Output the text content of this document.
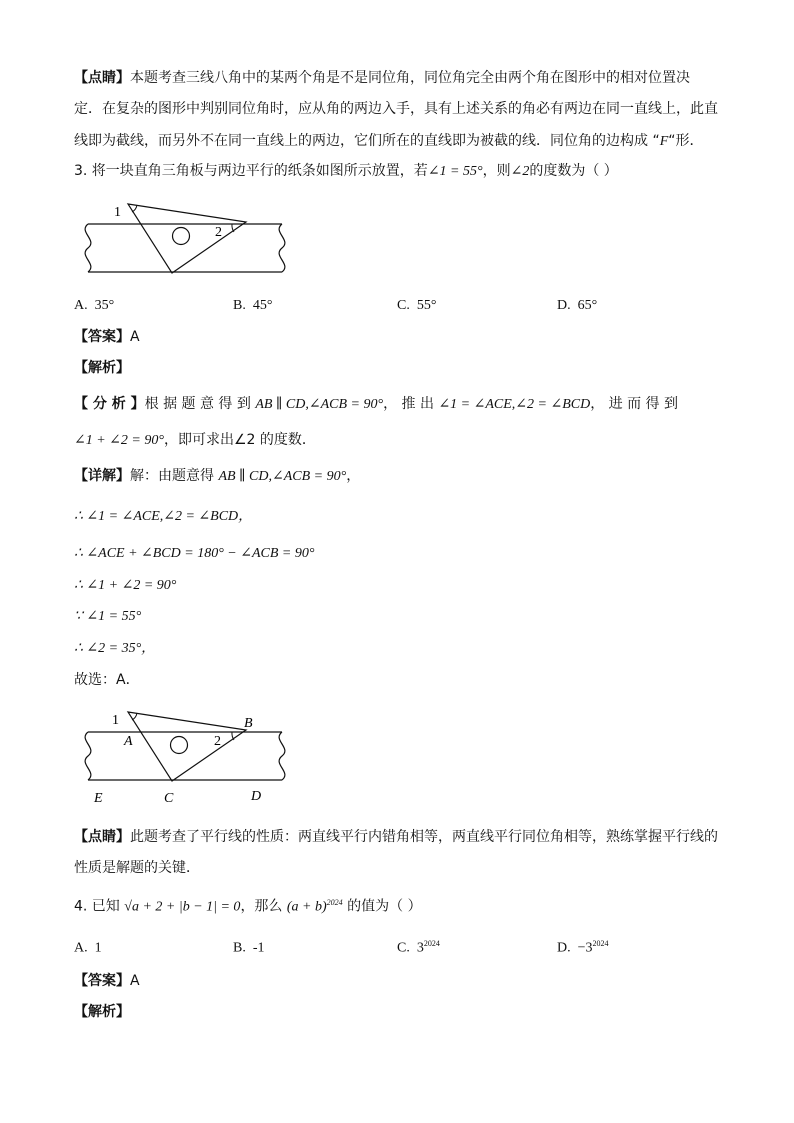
【点睛】本题考查三线八角中的某两个角是不是同位角，同位角完全由两个角在图形中的相对位置决
定．在复杂的图形中判别同位角时，应从角的两边入手，具有上述关系的角必有两边在同一直线上，此直
线即为截线，而另外不在同一直线上的两边，它们所在的直线即为被截的线．同位角的边构成 “F“形．
3. 将一块直角三角板与两边平行的纸条如图所示放置，若∠1 = 55°，则∠2的度数为（ ）
1
2
A. 35°	B. 45°	C. 55°	D. 65°
【答案】A
【解析】
【 分 析 】根 据 题 意 得 到 AB ∥ CD,∠ACB = 90°， 推 出 ∠1 = ∠ACE,∠2 = ∠BCD， 进 而 得 到
∠1 + ∠2 = 90°，即可求出∠2 的度数．
【详解】解：由题意得 AB ∥ CD,∠ACB = 90°，
∴ ∠1 = ∠ACE,∠2 = ∠BCD，
∴ ∠ACE + ∠BCD = 180° − ∠ACB = 90°
∴ ∠1 + ∠2 = 90°
∵ ∠1 = 55°
∴ ∠2 = 35°，
故选：A．
1
2
A
B
C	D
E
【点睛】此题考查了平行线的性质：两直线平行内错角相等，两直线平行同位角相等，熟练掌握平行线的
性质是解题的关键．
4. 已知 √a + 2 + |b − 1| = 0，那么 $(a + b)^{2024}$ 的值为（ ）
A. 1	B. -1	C. $3^{2024}$	D. $-3^{2024}$
【答案】A
【解析】
